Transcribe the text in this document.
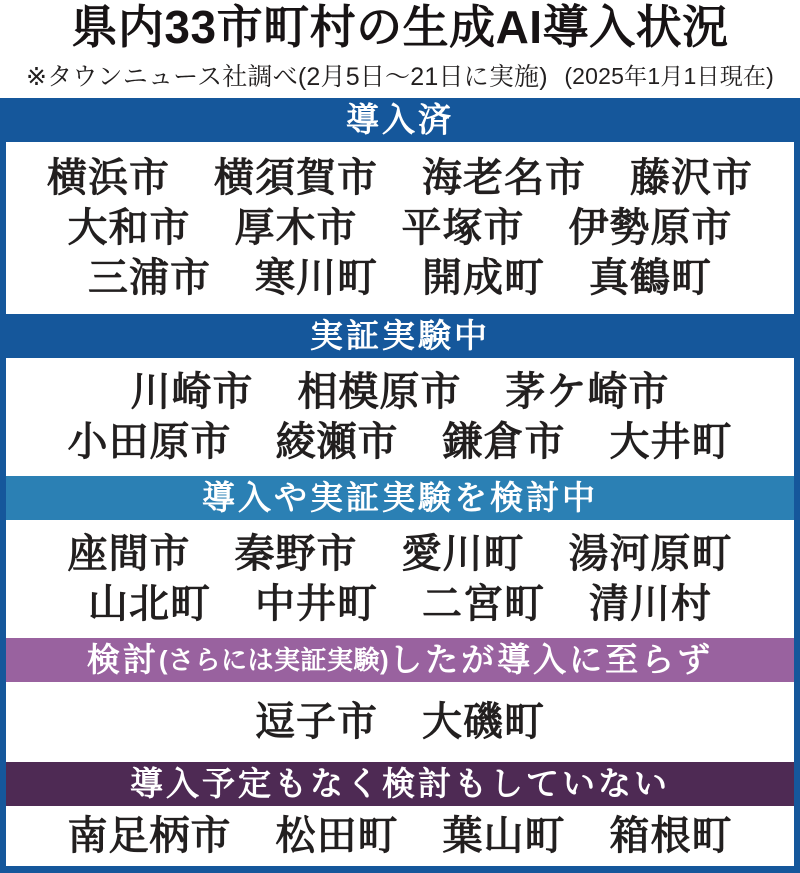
県内33市町村の生成AI導入状況
※タウンニュース社調べ(2月5日～21日に実施) (2025年1月1日現在)
導入済
横浜市 横須賀市 海老名市 藤沢市
大和市 厚木市 平塚市 伊勢原市
三浦市 寒川町 開成町 真鶴町
実証実験中
川崎市 相模原市 茅ケ崎市
小田原市 綾瀬市 鎌倉市 大井町
導入や実証実験を検討中
座間市 秦野市 愛川町 湯河原町
山北町 中井町 二宮町 清川村
検討 (さらには実証実験) したが導入に至らず
逗子市 大磯町
導入予定もなく検討もしていない
南足柄市 松田町 葉山町 箱根町
